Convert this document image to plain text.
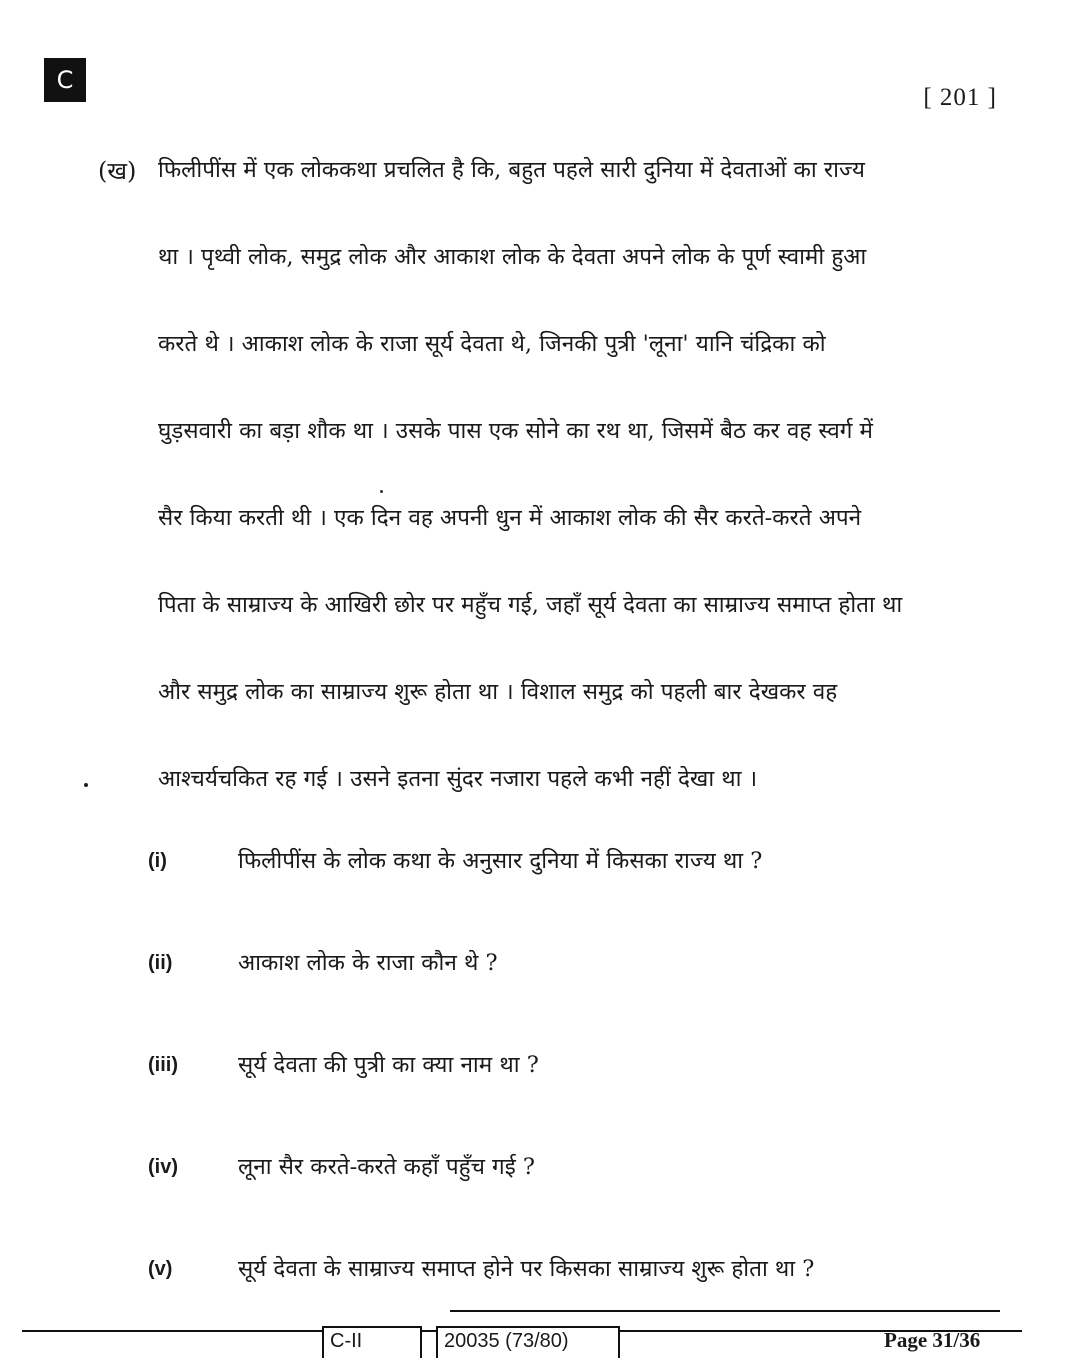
C
[ 201 ]
(ख) फिलीपींस में एक लोककथा प्रचलित है कि, बहुत पहले सारी दुनिया में देवताओं का राज्य
था । पृथ्वी लोक, समुद्र लोक और आकाश लोक के देवता अपने लोक के पूर्ण स्वामी हुआ
करते थे । आकाश लोक के राजा सूर्य देवता थे, जिनकी पुत्री 'लूना' यानि चंद्रिका को
घुड़सवारी का बड़ा शौक था । उसके पास एक सोने का रथ था, जिसमें बैठ कर वह स्वर्ग में
सैर किया करती थी । एक दिन वह अपनी धुन में आकाश लोक की सैर करते-करते अपने
पिता के साम्राज्य के आखिरी छोर पर महुँच गई, जहाँ सूर्य देवता का साम्राज्य समाप्त होता था
और समुद्र लोक का साम्राज्य शुरू होता था । विशाल समुद्र को पहली बार देखकर वह
आश्चर्यचकित रह गई । उसने इतना सुंदर नजारा पहले कभी नहीं देखा था ।
(i)	फिलीपींस के लोक कथा के अनुसार दुनिया में किसका राज्य था ?
(ii)	आकाश लोक के राजा कौन थे ?
(iii)	सूर्य देवता की पुत्री का क्या नाम था ?
(iv)	लूना सैर करते-करते कहाँ पहुँच गई ?
(v)	सूर्य देवता के साम्राज्य समाप्त होने पर किसका साम्राज्य शुरू होता था ?
C-II	20035 (73/80)	Page 31/36
